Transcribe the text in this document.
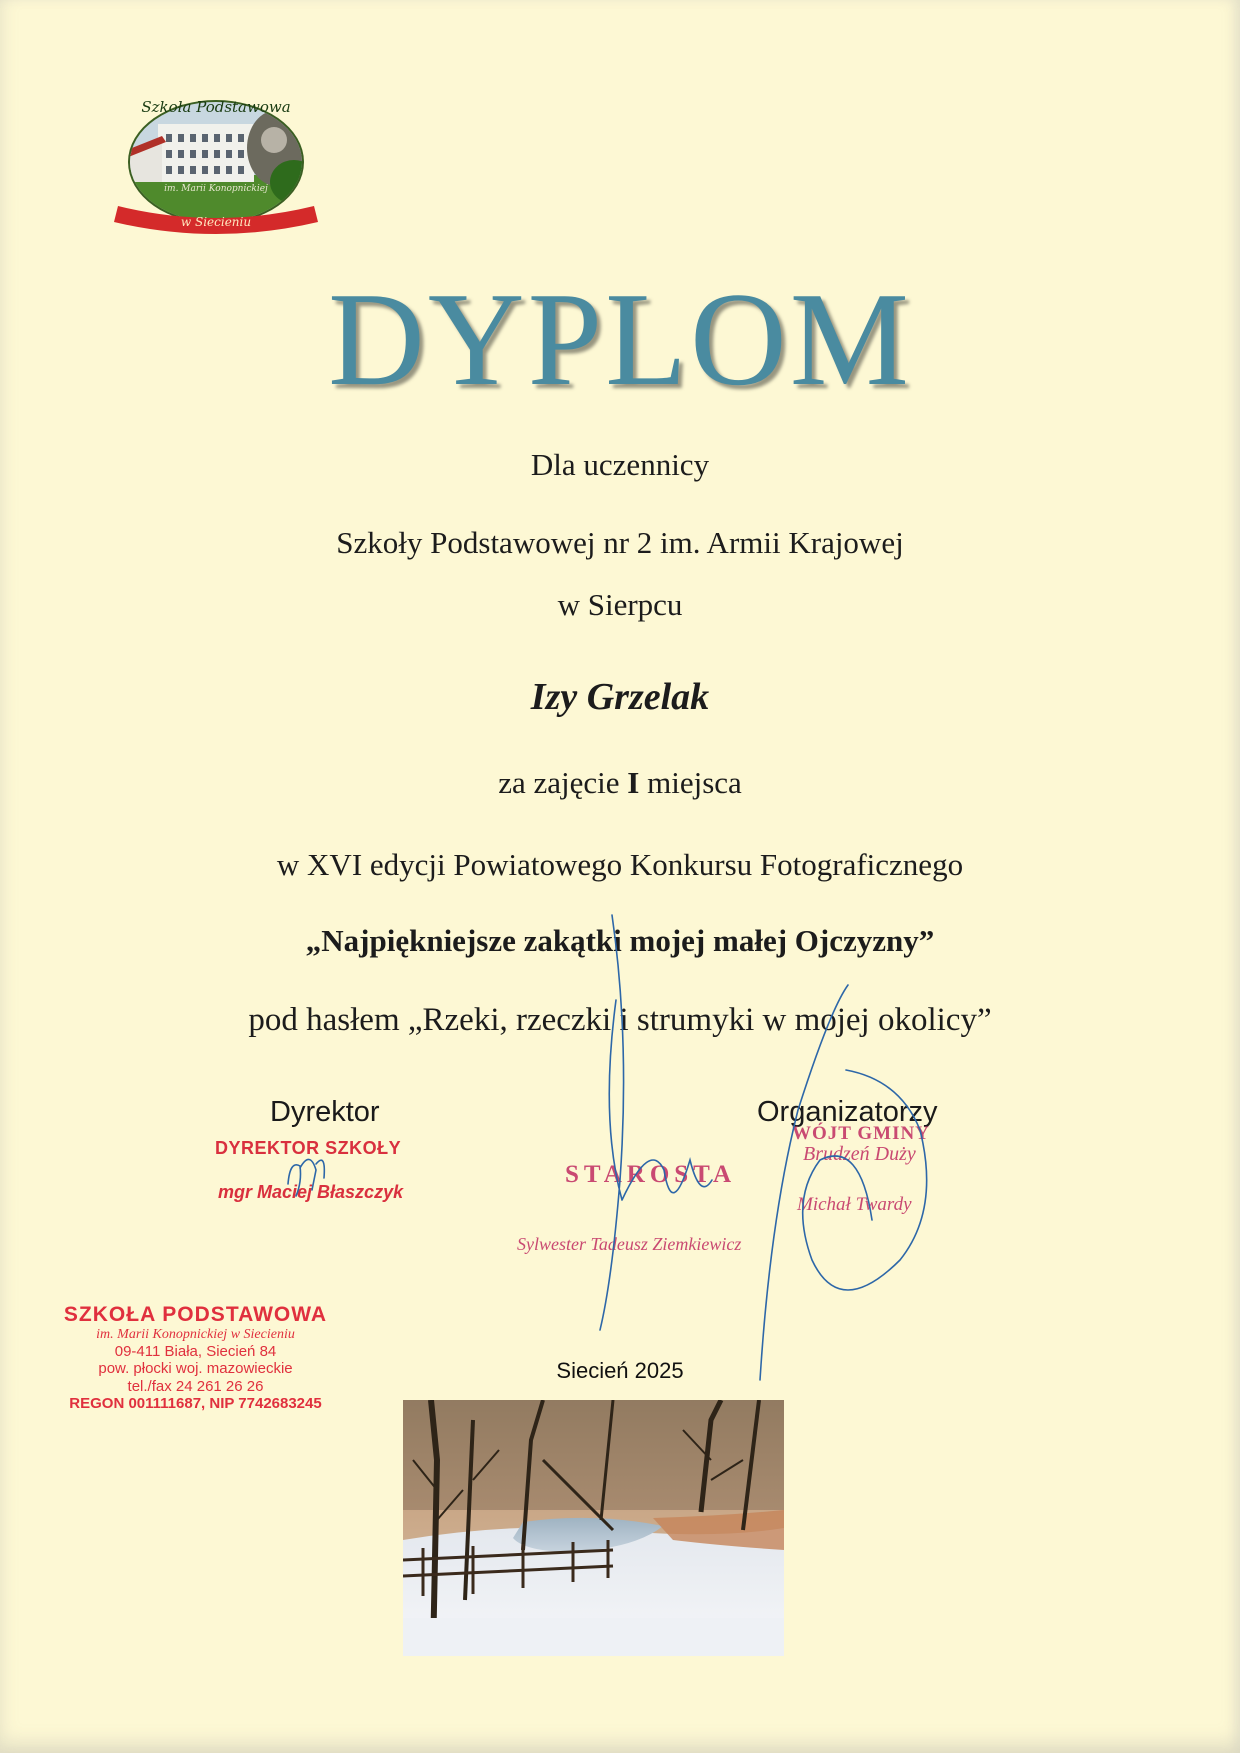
Szkoła Podstawowa
im. Marii Konopnickiej
w Siecieniu
DYPLOM
Dla uczennicy
Szkoły Podstawowej nr 2 im. Armii Krajowej
w Sierpcu
Izy Grzelak
za zajęcie I miejsca
w XVI edycji Powiatowego Konkursu Fotograficznego
„Najpiękniejsze zakątki mojej małej Ojczyzny”
pod hasłem „Rzeki, rzeczki i strumyki w mojej okolicy”
Dyrektor
DYREKTOR SZKOŁY
mgr Maciej Błaszczyk
Organizatorzy
STAROSTA
Sylwester Tadeusz Ziemkiewicz
WÓJT GMINY
Brudzeń Duży
Michał Twardy
SZKOŁA PODSTAWOWA
im. Marii Konopnickiej w Siecieniu
09-411 Biała, Siecień 84
pow. płocki woj. mazowieckie
tel./fax 24 261 26 26
REGON 001111687, NIP 7742683245
Siecień 2025
